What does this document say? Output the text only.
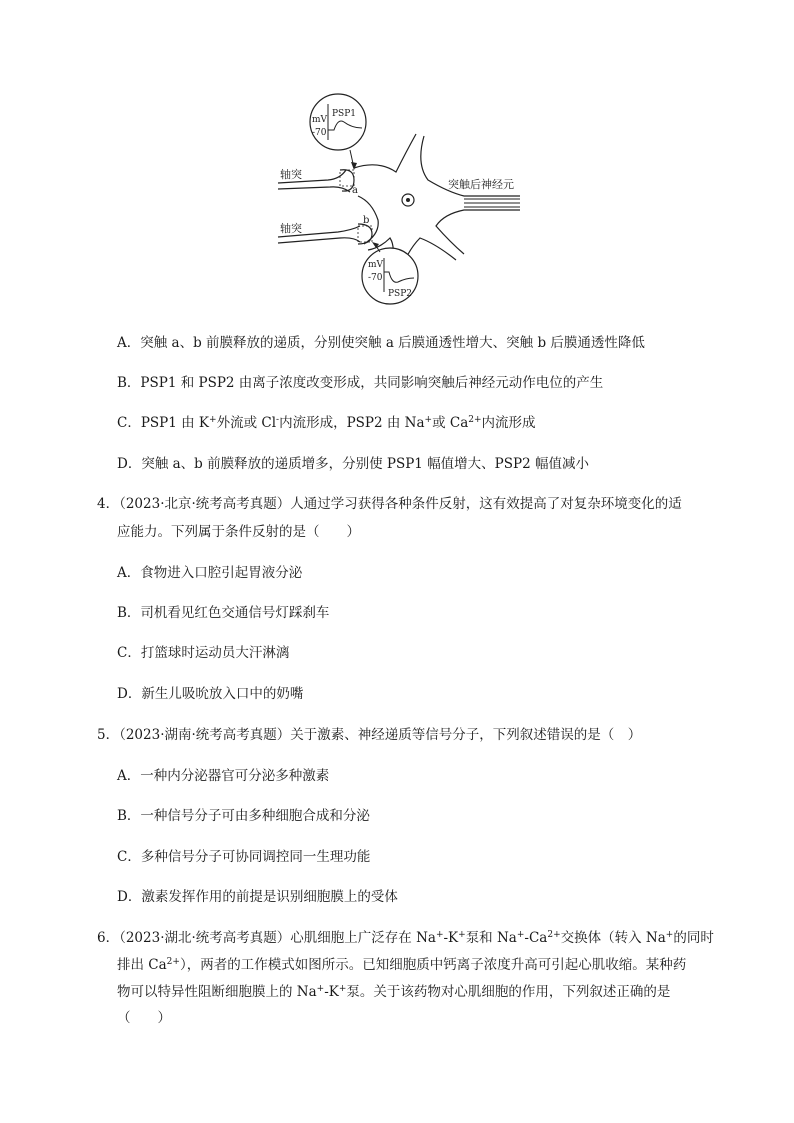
轴突
轴突
突触后神经元
a
b
mV
-70
PSP1
mV
-70
PSP2
A．突触 a、b 前膜释放的递质，分别使突触 a 后膜通透性增大、突触 b 后膜通透性降低
B．PSP1 和 PSP2 由离子浓度改变形成，共同影响突触后神经元动作电位的产生
C．PSP1 由 K+外流或 Cl-内流形成，PSP2 由 Na+或 $Ca^{2+}$内流形成
D．突触 a、b 前膜释放的递质增多，分别使 PSP1 幅值增大、PSP2 幅值减小
4．（2023·北京·统考高考真题）人通过学习获得各种条件反射，这有效提高了对复杂环境变化的适
应能力。下列属于条件反射的是（　　）
A．食物进入口腔引起胃液分泌
B．司机看见红色交通信号灯踩刹车
C．打篮球时运动员大汗淋漓
D．新生儿吸吮放入口中的奶嘴
5．（2023·湖南·统考高考真题）关于激素、神经递质等信号分子，下列叙述错误的是（　）
A．一种内分泌器官可分泌多种激素
B．一种信号分子可由多种细胞合成和分泌
C．多种信号分子可协同调控同一生理功能
D．激素发挥作用的前提是识别细胞膜上的受体
6．（2023·湖北·统考高考真题）心肌细胞上广泛存在 Na+-K+泵和 $Na^+-Ca^{2+}$交换体（转入 Na+的同时
排出 $Ca^{2+}$），两者的工作模式如图所示。已知细胞质中钙离子浓度升高可引起心肌收缩。某种药
物可以特异性阻断细胞膜上的 Na+-K+泵。关于该药物对心肌细胞的作用，下列叙述正确的是
（　　）
